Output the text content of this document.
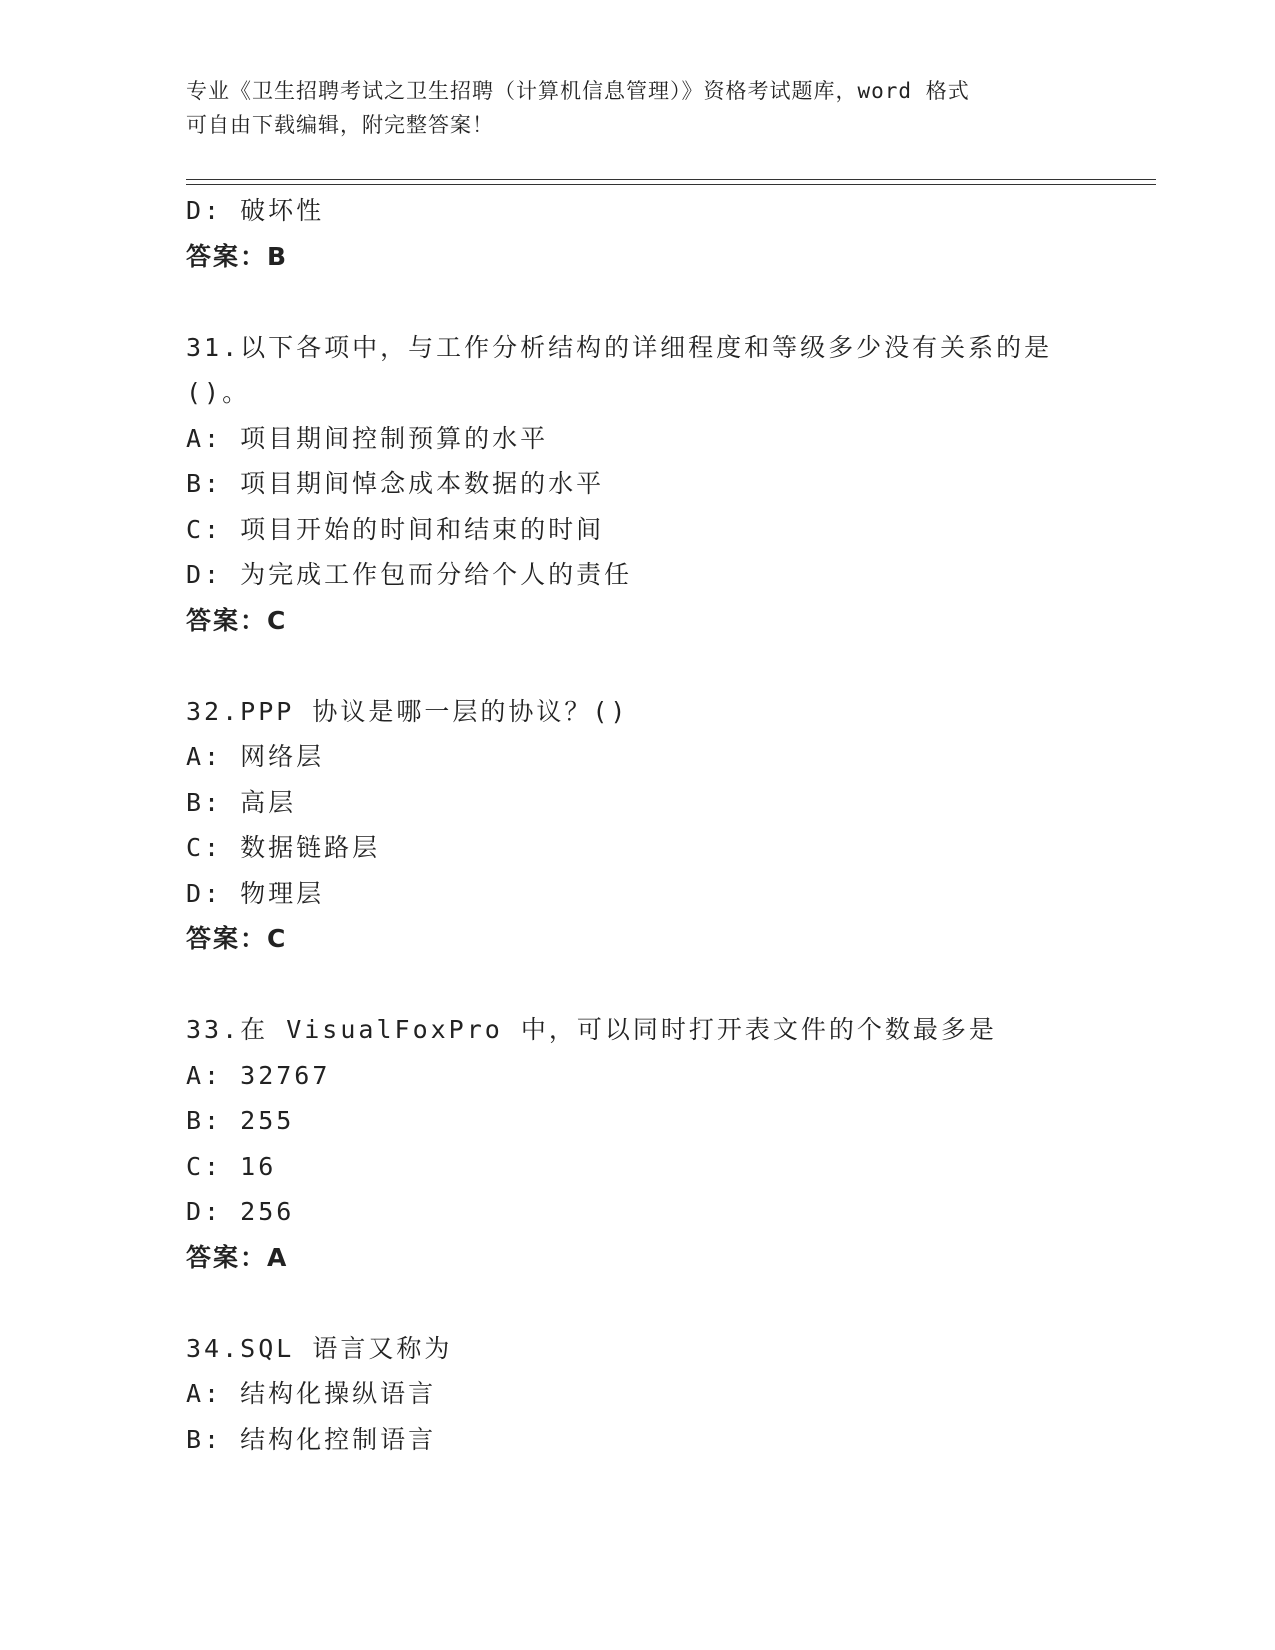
专业《卫生招聘考试之卫生招聘（计算机信息管理）》资格考试题库，word 格式
可自由下载编辑，附完整答案！
D: 破坏性
答案：B
31.以下各项中，与工作分析结构的详细程度和等级多少没有关系的是
()。
A: 项目期间控制预算的水平
B: 项目期间悼念成本数据的水平
C: 项目开始的时间和结束的时间
D: 为完成工作包而分给个人的责任
答案：C
32.PPP 协议是哪一层的协议？()
A: 网络层
B: 高层
C: 数据链路层
D: 物理层
答案：C
33.在 VisualFoxPro 中，可以同时打开表文件的个数最多是
A: 32767
B: 255
C: 16
D: 256
答案：A
34.SQL 语言又称为
A: 结构化操纵语言
B: 结构化控制语言
